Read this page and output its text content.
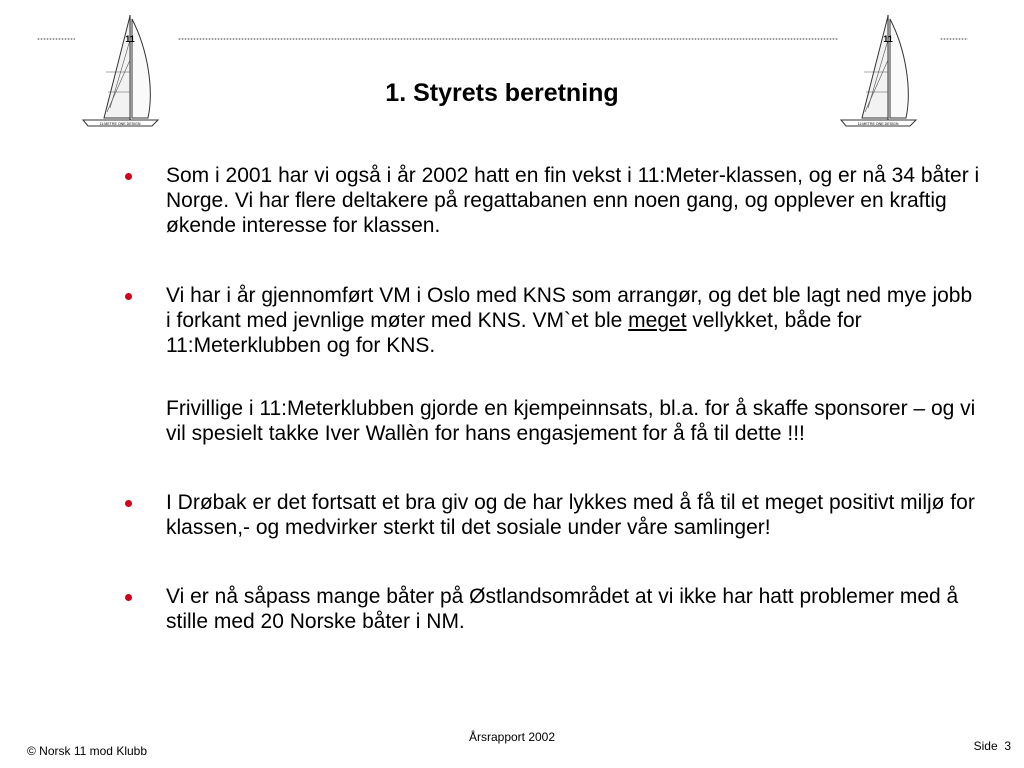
11
11:METRE ONE DESIGN
11
11:METRE ONE DESIGN
1. Styrets beretning

Som i 2001 har vi også i år 2002 hatt en fin vekst i 11:Meter-klassen, og er nå 34 båter i Norge. Vi har flere deltakere på regattabanen enn noen gang, og opplever en kraftig økende interesse for klassen.

Vi har i år gjennomført VM i Oslo med KNS som arrangør, og det ble lagt ned mye jobb i forkant med jevnlige møter med KNS. VM`et ble meget vellykket, både for 11:Meterklubben og for KNS.

Frivillige i 11:Meterklubben gjorde en kjempeinnsats, bl.a. for å skaffe sponsorer – og vi vil spesielt takke Iver Wallèn for hans engasjement for å få til dette !!!

I Drøbak er det fortsatt et bra giv og de har lykkes med å få til et meget positivt miljø for klassen,- og medvirker sterkt til det sosiale under våre samlinger!

Vi er nå såpass mange båter på Østlandsområdet at vi ikke har hatt problemer med å stille med 20 Norske båter i NM.

Årsrapport 2002
© Norsk 11 mod Klubb	Side 3
